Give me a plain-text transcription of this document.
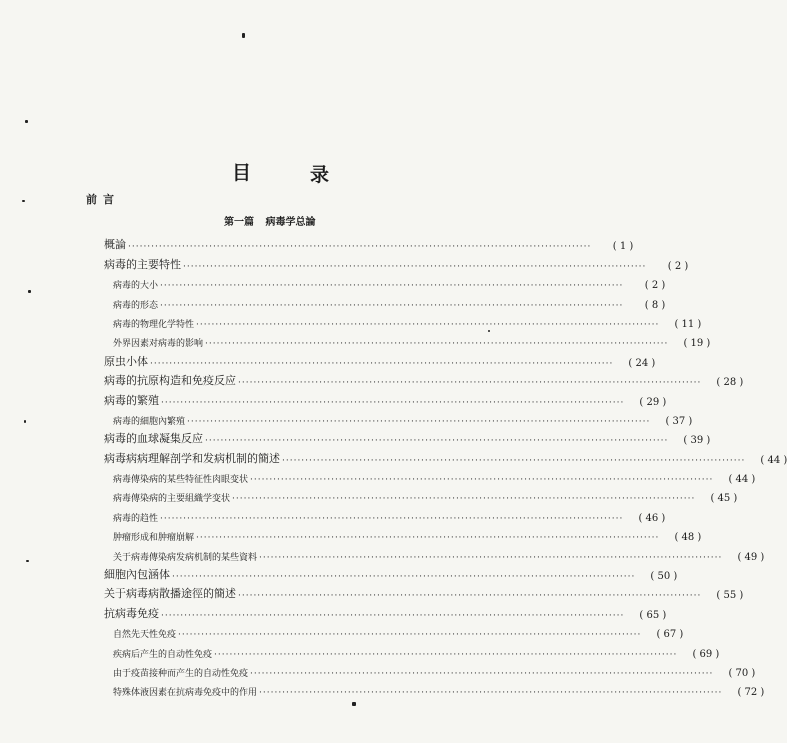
目	录
前言
第一篇 病毒学总論
概論 ························································································································	( 1 )
病毒的主要特性 ························································································································	( 2 )
病毒的大小 ························································································································	( 2 )
病毒的形态 ························································································································	( 8 )
病毒的物理化学特性 ························································································································	( 11 )
外界因素对病毒的影响 ························································································································	( 19 )
原虫小体 ························································································································	( 24 )
病毒的抗原构造和免疫反应 ························································································································	( 28 )
病毒的繁殖 ························································································································	( 29 )
病毒的細胞內繁殖 ························································································································	( 37 )
病毒的血球凝集反应 ························································································································	( 39 )
病毒病病理解剖学和发病机制的簡述 ························································································································	( 44 )
病毒傳染病的某些特征性肉眼变状 ························································································································	( 44 )
病毒傳染病的主要組織学变状 ························································································································	( 45 )
病毒的趋性 ························································································································	( 46 )
肿瘤形成和肿瘤崩解 ························································································································	( 48 )
关于病毒傳染病发病机制的某些資料 ························································································································	( 49 )
細胞內包涵体 ························································································································	( 50 )
关于病毒病散播途徑的簡述 ························································································································	( 55 )
抗病毒免疫 ························································································································	( 65 )
自然先天性免疫 ························································································································	( 67 )
疾病后产生的自动性免疫 ························································································································	( 69 )
由于疫苗接种而产生的自动性免疫 ························································································································	( 70 )
特殊体液因素在抗病毒免疫中的作用 ························································································································	( 72 )
